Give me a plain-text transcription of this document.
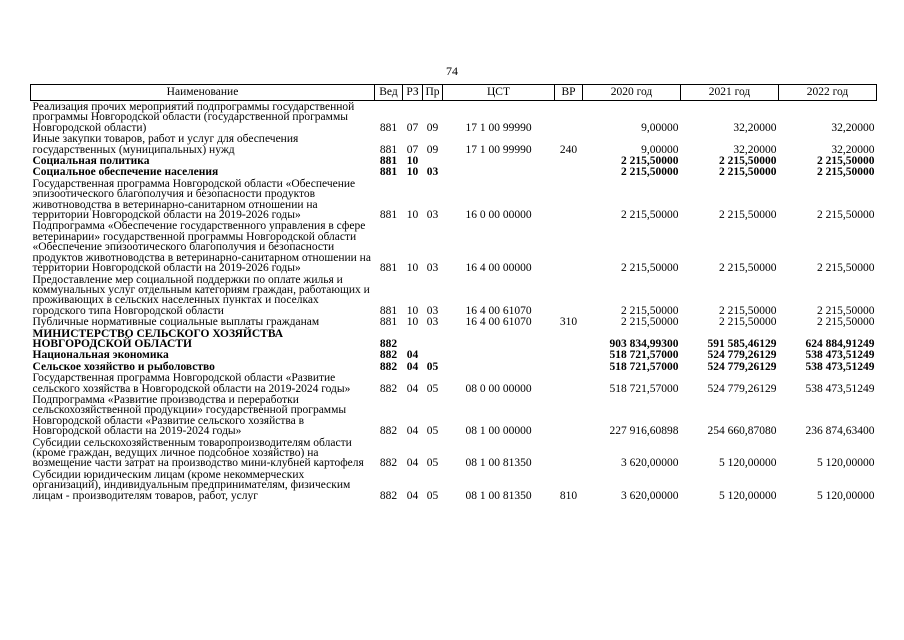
74
Наименование	Вед	РЗ	Пр	ЦСТ	ВР	2020 год	2021 год	2022 год
Реализация прочих мероприятий подпрограммы государственной программы Новгородской области (государственной программы Новгородской области)	881	07	09	17 1 00 99990		9,00000	32,20000	32,20000
Иные закупки товаров, работ и услуг для обеспечения государственных (муниципальных) нужд	881	07	09	17 1 00 99990	240	9,00000	32,20000	32,20000
Социальная политика	881	10				2 215,50000	2 215,50000	2 215,50000
Социальное обеспечение населения	881	10	03			2 215,50000	2 215,50000	2 215,50000
Государственная программа Новгородской области «Обеспечение эпизоотического благополучия и безопасности продуктов животноводства в ветеринарно-санитарном отношении на территории Новгородской области на 2019-2026 годы»	881	10	03	16 0 00 00000		2 215,50000	2 215,50000	2 215,50000
Подпрограмма «Обеспечение государственного управления в сфере ветеринарии» государственной программы Новгородской области «Обеспечение эпизоотического благополучия и безопасности продуктов животноводства в ветеринарно-санитарном отношении на территории Новгородской области на 2019-2026 годы»	881	10	03	16 4 00 00000		2 215,50000	2 215,50000	2 215,50000
Предоставление мер социальной поддержки по оплате жилья и коммунальных услуг отдельным категориям граждан, работающих и проживающих в сельских населенных пунктах и поселках городского типа Новгородской области	881	10	03	16 4 00 61070		2 215,50000	2 215,50000	2 215,50000
Публичные нормативные социальные выплаты гражданам	881	10	03	16 4 00 61070	310	2 215,50000	2 215,50000	2 215,50000
МИНИСТЕРСТВО СЕЛЬСКОГО ХОЗЯЙСТВА НОВГОРОДСКОЙ ОБЛАСТИ	882					903 834,99300	591 585,46129	624 884,91249
Национальная экономика	882	04				518 721,57000	524 779,26129	538 473,51249
Сельское хозяйство и рыболовство	882	04	05			518 721,57000	524 779,26129	538 473,51249
Государственная программа Новгородской области «Развитие сельского хозяйства в Новгородской области на 2019-2024 годы»	882	04	05	08 0 00 00000		518 721,57000	524 779,26129	538 473,51249
Подпрограмма «Развитие производства и переработки сельскохозяйственной продукции» государственной программы Новгородской области «Развитие сельского хозяйства в Новгородской области на 2019-2024 годы»	882	04	05	08 1 00 00000		227 916,60898	254 660,87080	236 874,63400
Субсидии сельскохозяйственным товаропроизводителям области (кроме граждан, ведущих личное подсобное хозяйство) на возмещение части затрат на производство мини-клубней картофеля	882	04	05	08 1 00 81350		3 620,00000	5 120,00000	5 120,00000
Субсидии юридическим лицам (кроме некоммерческих организаций), индивидуальным предпринимателям, физическим лицам - производителям товаров, работ, услуг	882	04	05	08 1 00 81350	810	3 620,00000	5 120,00000	5 120,00000
